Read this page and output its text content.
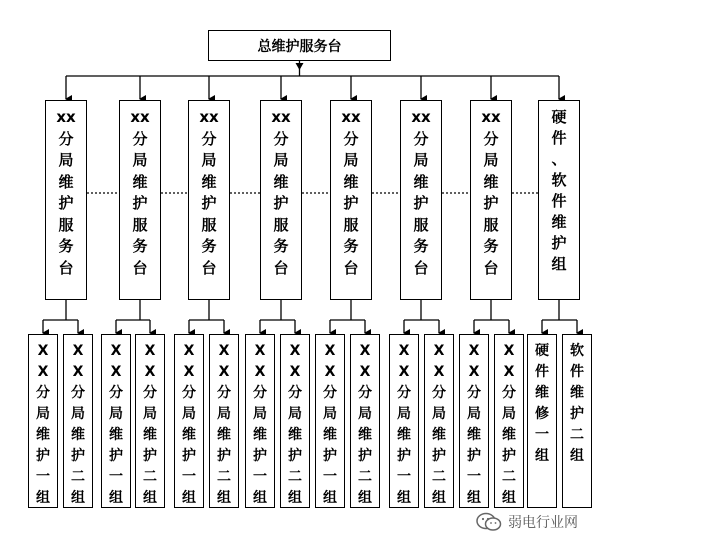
总维护服务台
xx
分
局
维
护
服
务
台
X
X
分
局
维
护
一
组
X
X
分
局
维
护
二
组
xx
分
局
维
护
服
务
台
X
X
分
局
维
护
一
组
X
X
分
局
维
护
二
组
xx
分
局
维
护
服
务
台
X
X
分
局
维
护
一
组
X
X
分
局
维
护
二
组
xx
分
局
维
护
服
务
台
X
X
分
局
维
护
一
组
X
X
分
局
维
护
二
组
xx
分
局
维
护
服
务
台
X
X
分
局
维
护
一
组
X
X
分
局
维
护
二
组
xx
分
局
维
护
服
务
台
X
X
分
局
维
护
一
组
X
X
分
局
维
护
二
组
xx
分
局
维
护
服
务
台
X
X
分
局
维
护
一
组
X
X
分
局
维
护
二
组
硬
件
、
软
件
维
护
组
硬
件
维
修
一
组
软
件
维
护
二
组
弱电行业网
